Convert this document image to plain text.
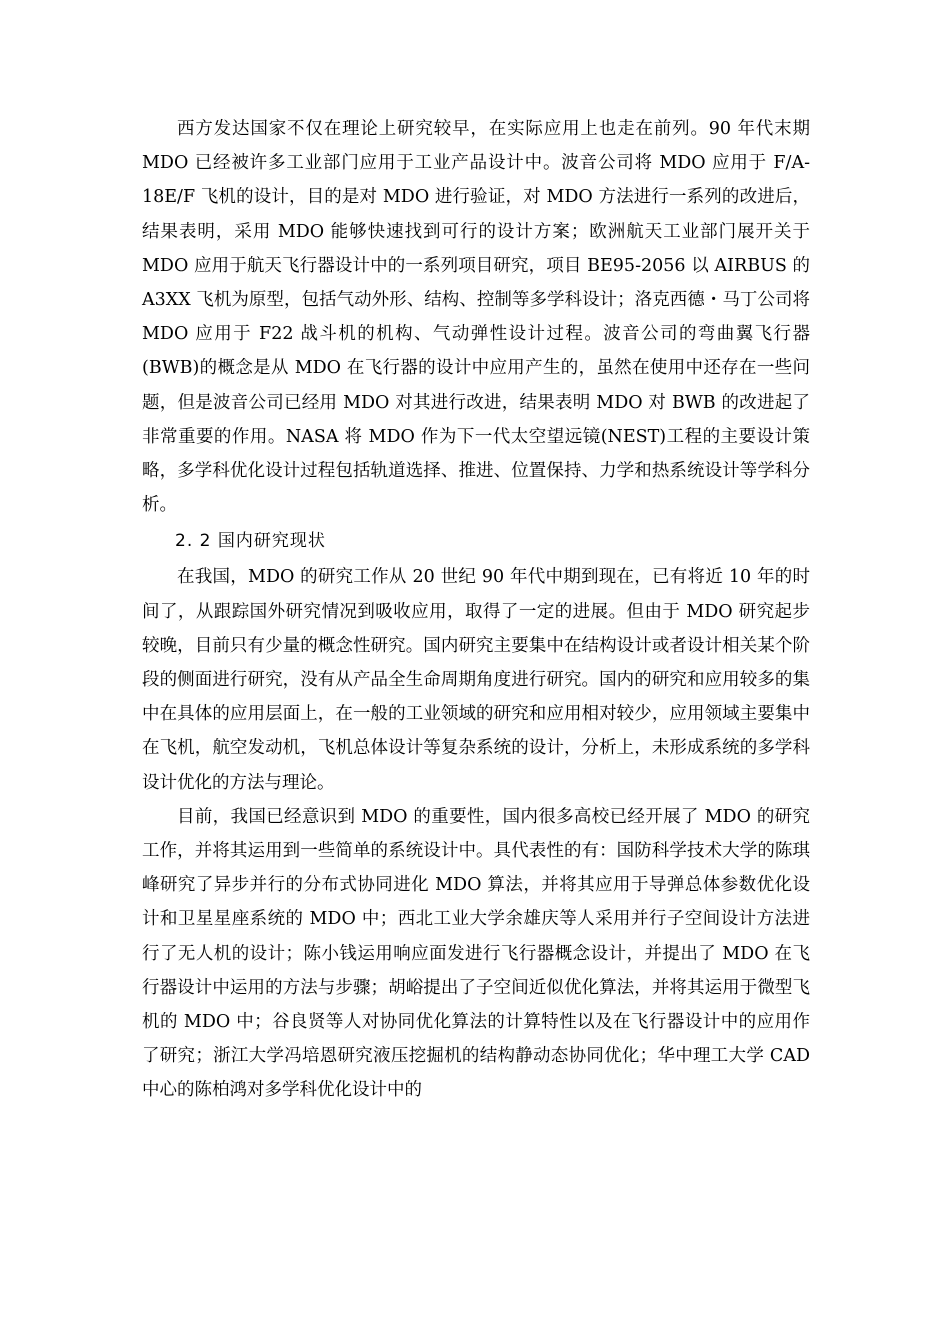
西方发达国家不仅在理论上研究较早，在实际应用上也走在前列。90 年代末期 MDO 已经被许多工业部门应用于工业产品设计中。波音公司将 MDO 应用于 F/A-18E/F 飞机的设计，目的是对 MDO 进行验证，对 MDO 方法进行一系列的改进后，结果表明，采用 MDO 能够快速找到可行的设计方案；欧洲航天工业部门展开关于 MDO 应用于航天飞行器设计中的一系列项目研究，项目 BE95-2056 以 AIRBUS 的 A3XX 飞机为原型，包括气动外形、结构、控制等多学科设计；洛克西德・马丁公司将 MDO 应用于 F22 战斗机的机构、气动弹性设计过程。波音公司的弯曲翼飞行器(BWB)的概念是从 MDO 在飞行器的设计中应用产生的，虽然在使用中还存在一些问题，但是波音公司已经用 MDO 对其进行改进，结果表明 MDO 对 BWB 的改进起了非常重要的作用。NASA 将 MDO 作为下一代太空望远镜(NEST)工程的主要设计策略，多学科优化设计过程包括轨道选择、推进、位置保持、力学和热系统设计等学科分析。

2. 2 国内研究现状

在我国，MDO 的研究工作从 20 世纪 90 年代中期到现在，已有将近 10 年的时间了，从跟踪国外研究情况到吸收应用，取得了一定的进展。但由于 MDO 研究起步较晚，目前只有少量的概念性研究。国内研究主要集中在结构设计或者设计相关某个阶段的侧面进行研究，没有从产品全生命周期角度进行研究。国内的研究和应用较多的集中在具体的应用层面上，在一般的工业领域的研究和应用相对较少，应用领域主要集中在飞机，航空发动机，飞机总体设计等复杂系统的设计，分析上，未形成系统的多学科设计优化的方法与理论。

目前，我国已经意识到 MDO 的重要性，国内很多高校已经开展了 MDO 的研究工作，并将其运用到一些简单的系统设计中。具代表性的有：国防科学技术大学的陈琪峰研究了异步并行的分布式协同进化 MDO 算法，并将其应用于导弹总体参数优化设计和卫星星座系统的 MDO 中；西北工业大学余雄庆等人采用并行子空间设计方法进行了无人机的设计；陈小钱运用响应面发进行飞行器概念设计，并提出了 MDO 在飞行器设计中运用的方法与步骤；胡峪提出了子空间近似优化算法，并将其运用于微型飞机的 MDO 中；谷良贤等人对协同优化算法的计算特性以及在飞行器设计中的应用作了研究；浙江大学冯培恩研究液压挖掘机的结构静动态协同优化；华中理工大学 CAD 中心的陈柏鸿对多学科优化设计中的
